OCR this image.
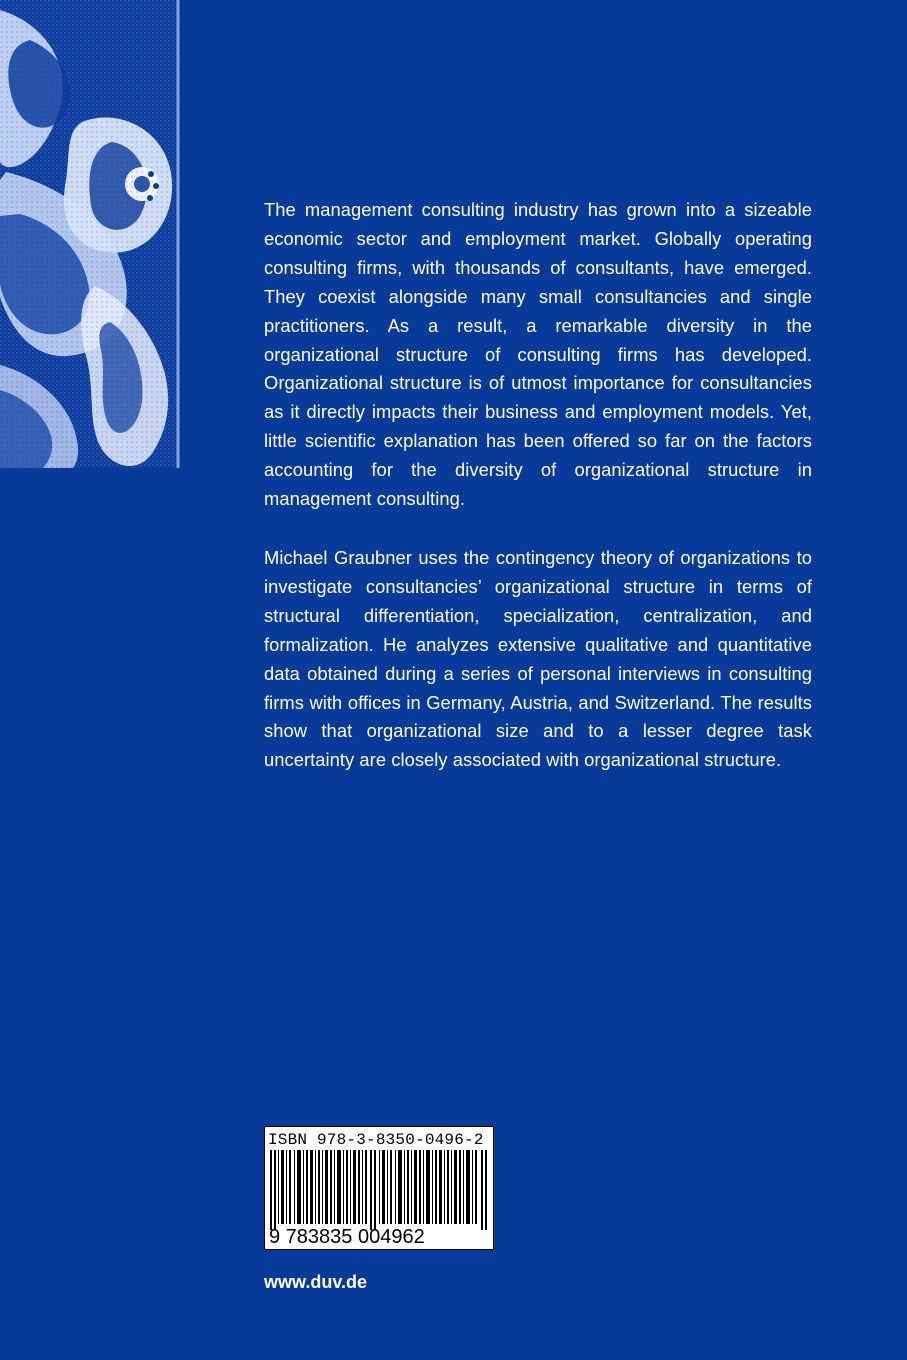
The management consulting industry has grown into a sizeable economic sector and employment market. Globally operating consulting firms, with thousands of consultants, have emerged. They coexist alongside many small consultancies and single practitioners. As a result, a remarkable diversity in the organizational structure of consulting firms has developed. Organizational structure is of utmost importance for consultancies as it directly impacts their business and employment models. Yet, little scientific explanation has been offered so far on the factors accounting for the diversity of organizational structure in management consulting.

Michael Graubner uses the contingency theory of organizations to investigate consultancies’ organizational structure in terms of structural differentiation, specialization, centralization, and formalization. He analyzes extensive qualitative and quantitative data obtained during a series of personal interviews in consulting firms with offices in Germany, Austria, and Switzerland. The results show that organizational size and to a lesser degree task uncertainty are closely associated with organizational structure.

ISBN 978-3-8350-0496-2
9 783835 004962
www.duv.de
